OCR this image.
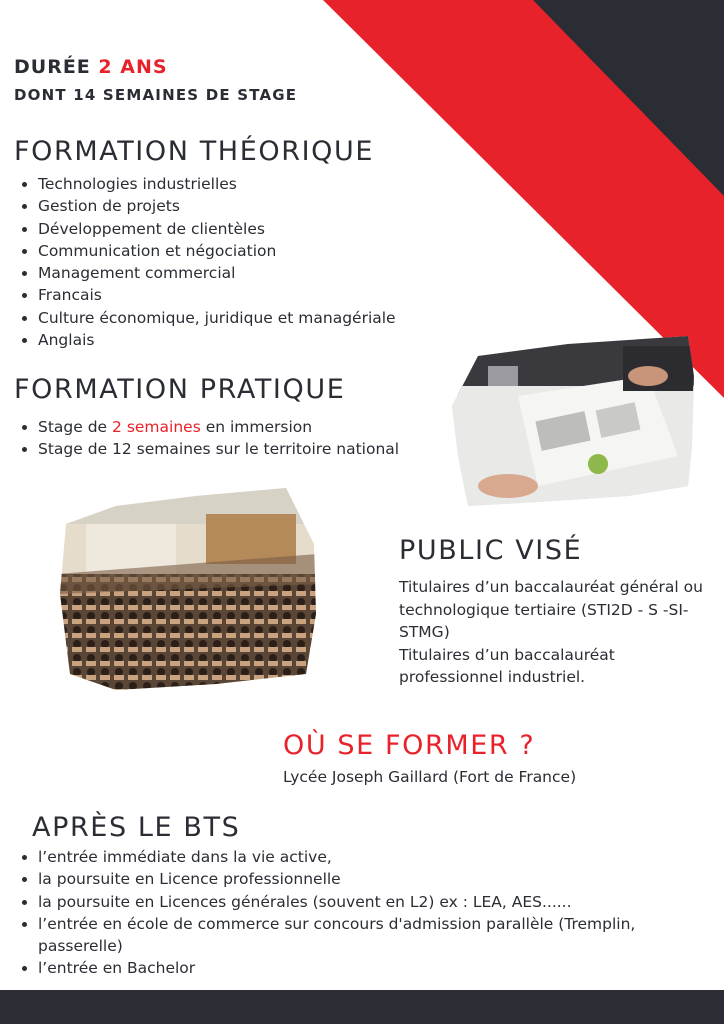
DURÉE 2 ANS
DONT 14 SEMAINES DE STAGE
FORMATION THÉORIQUE
• Technologies industrielles
• Gestion de projets
• Développement de clientèles
• Communication et négociation
• Management commercial
• Francais
• Culture économique, juridique et managériale
• Anglais
FORMATION PRATIQUE
• Stage de 2 semaines en immersion
• Stage de 12 semaines sur le territoire national
PUBLIC VISÉ

Titulaires d’un baccalauréat général ou technologique tertiaire (STI2D - S -SI-STMG)

Titulaires d’un baccalauréat professionnel industriel.

OÙ SE FORMER ?
Lycée Joseph Gaillard (Fort de France)
APRÈS LE BTS
• l’entrée immédiate dans la vie active,
• la poursuite en Licence professionnelle
• la poursuite en Licences générales (souvent en L2) ex : LEA, AES......
• l’entrée en école de commerce sur concours d'admission parallèle (Tremplin, passerelle)
• l’entrée en Bachelor
